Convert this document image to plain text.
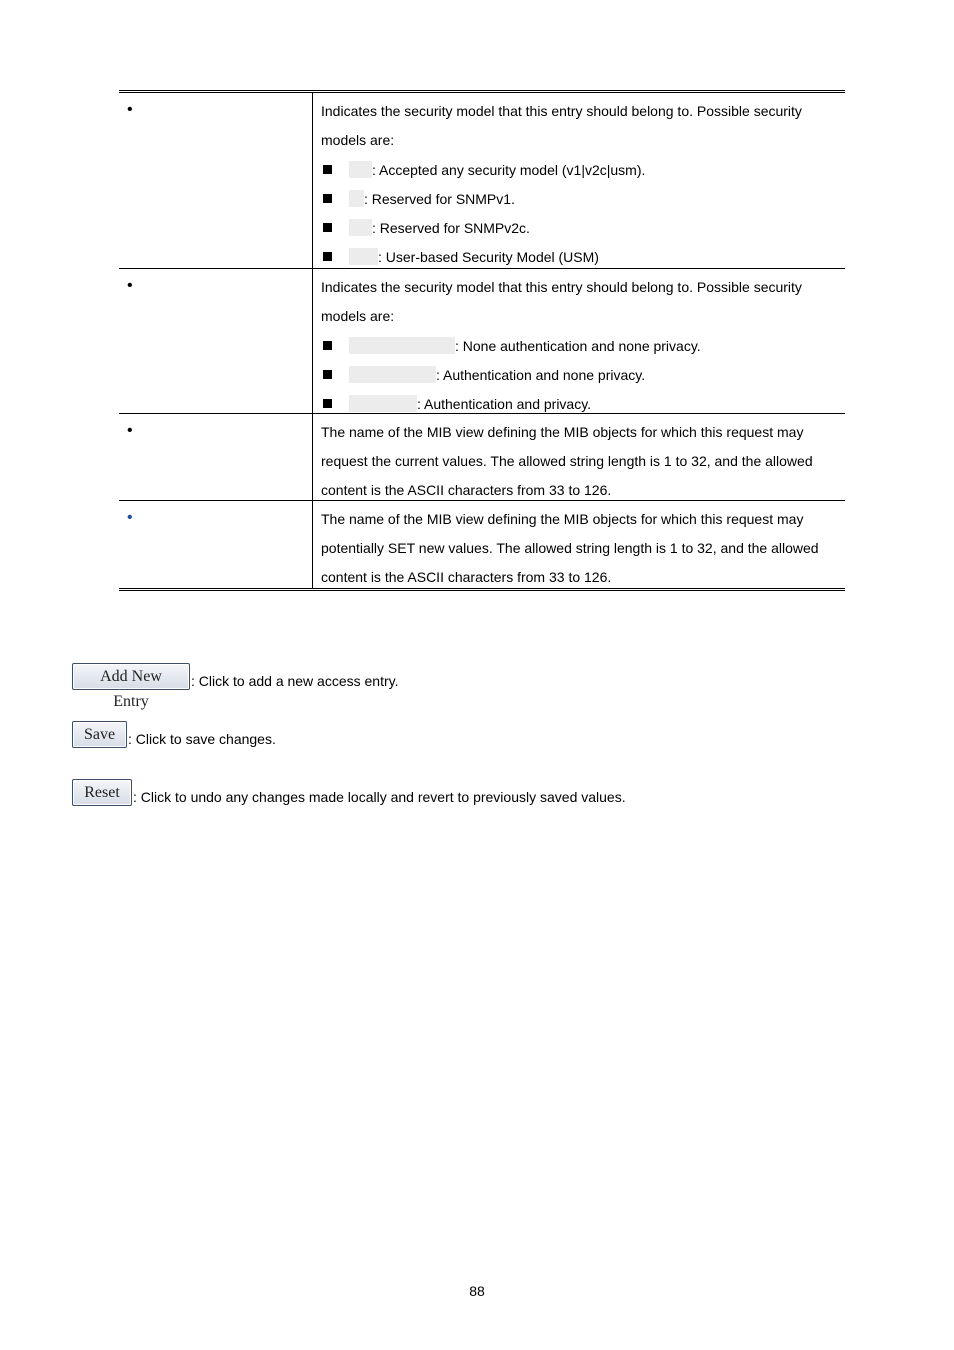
•	Indicates the security model that this entry should belong to. Possible security models are:

: Accepted any security model (v1|v2c|usm).
: Reserved for SNMPv1.
: Reserved for SNMPv2c.
: User-based Security Model (USM)
•	Indicates the security model that this entry should belong to. Possible security models are:

: None authentication and none privacy.
: Authentication and none privacy.
: Authentication and privacy.
•	The name of the MIB view defining the MIB objects for which this request may request the current values. The allowed string length is 1 to 32, and the allowed content is the ASCII characters from 33 to 126.

•	The name of the MIB view defining the MIB objects for which this request may potentially SET new values. The allowed string length is 1 to 32, and the allowed content is the ASCII characters from 33 to 126.

Add New Entry
: Click to add a new access entry.
Save : Click to save changes.
Reset : Click to undo any changes made locally and revert to previously saved values.
88
